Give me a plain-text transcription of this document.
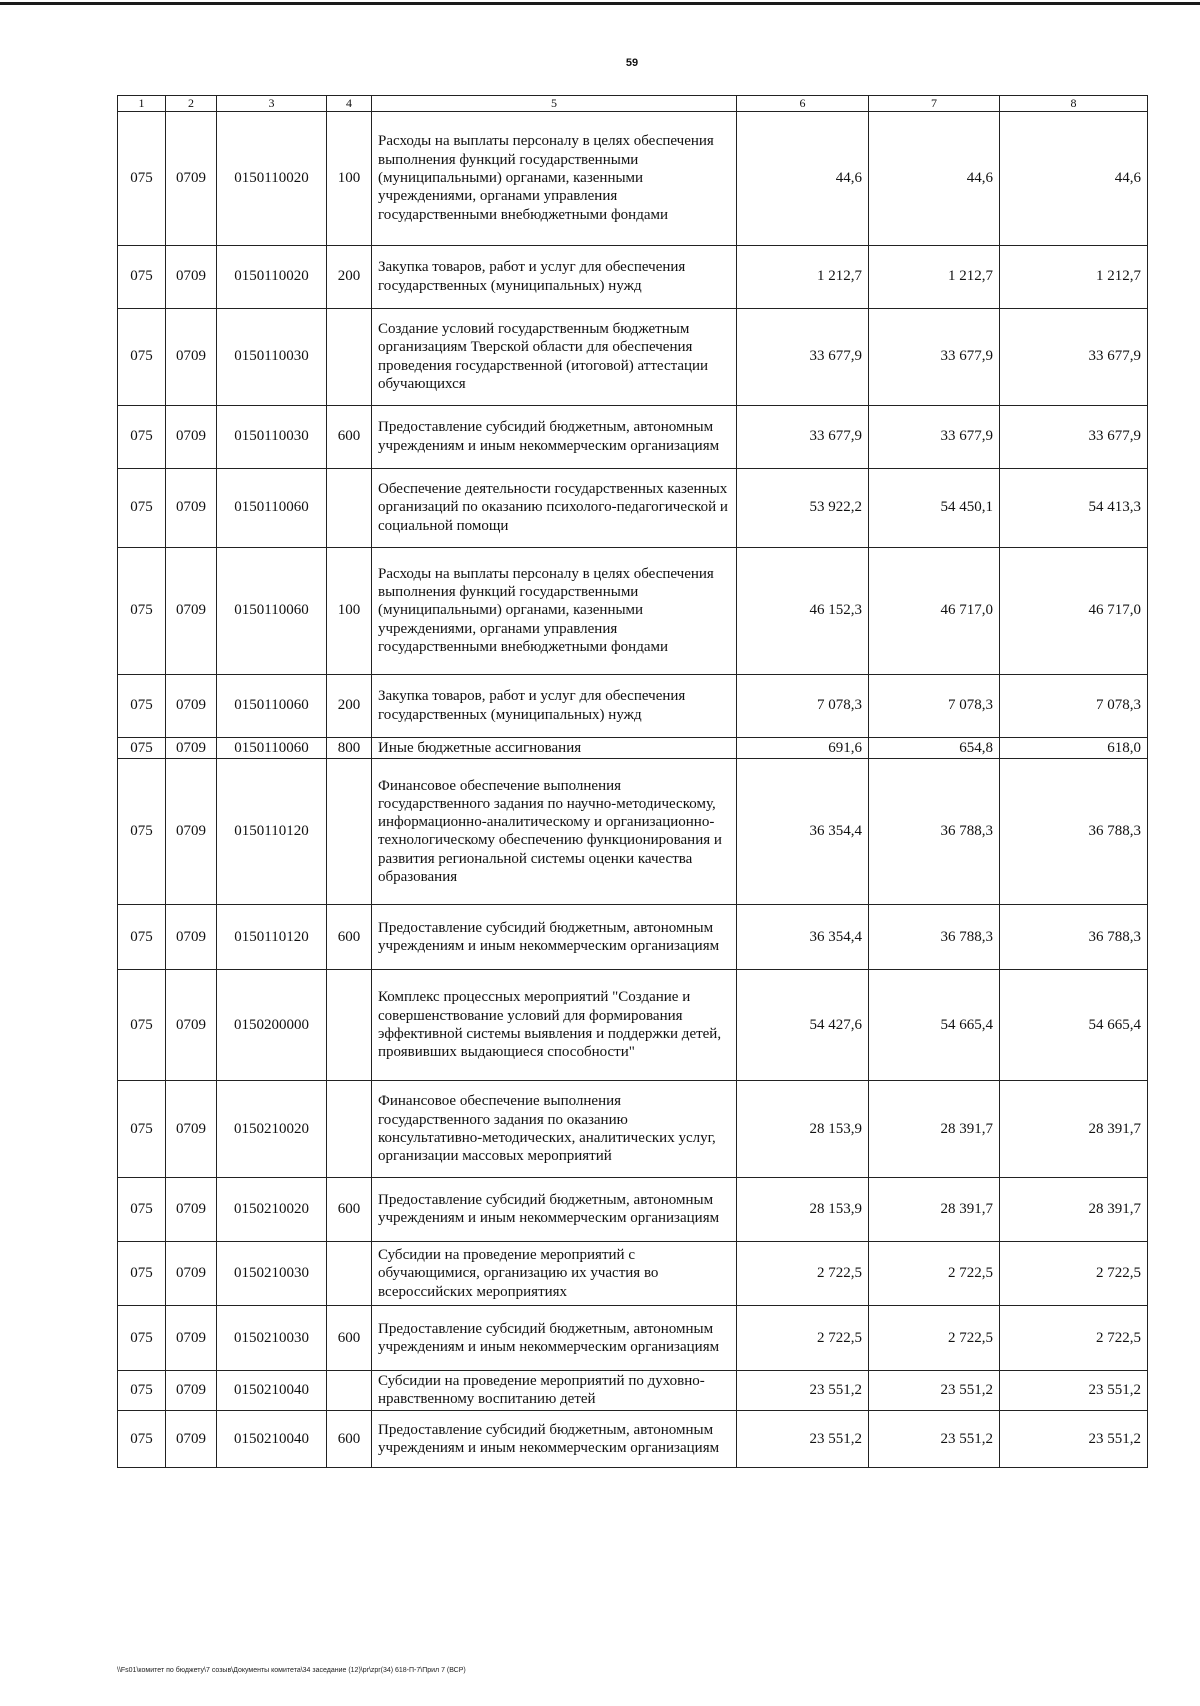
59
1	2	3	4	5	6	7	8
075	0709	0150110020	100	Расходы на выплаты персоналу в целях обеспечения выполнения функций государственными (муниципальными) органами, казенными учреждениями, органами управления государственными внебюджетными фондами	44,6	44,6	44,6
075	0709	0150110020	200	Закупка товаров, работ и услуг для обеспечения государственных (муниципальных) нужд	1 212,7	1 212,7	1 212,7
075	0709	0150110030		Создание условий государственным бюджетным организациям Тверской области для обеспечения проведения государственной (итоговой) аттестации обучающихся	33 677,9	33 677,9	33 677,9
075	0709	0150110030	600	Предоставление субсидий бюджетным, автономным учреждениям и иным некоммерческим организациям	33 677,9	33 677,9	33 677,9
075	0709	0150110060		Обеспечение деятельности государственных казенных организаций по оказанию психолого-педагогической и социальной помощи	53 922,2	54 450,1	54 413,3
075	0709	0150110060	100	Расходы на выплаты персоналу в целях обеспечения выполнения функций государственными (муниципальными) органами, казенными учреждениями, органами управления государственными внебюджетными фондами	46 152,3	46 717,0	46 717,0
075	0709	0150110060	200	Закупка товаров, работ и услуг для обеспечения государственных (муниципальных) нужд	7 078,3	7 078,3	7 078,3
075	0709	0150110060	800	Иные бюджетные ассигнования	691,6	654,8	618,0
075	0709	0150110120		Финансовое обеспечение выполнения государственного задания по научно-методическому, информационно-аналитическому и организационно-технологическому обеспечению функционирования и развития региональной системы оценки качества образования	36 354,4	36 788,3	36 788,3
075	0709	0150110120	600	Предоставление субсидий бюджетным, автономным учреждениям и иным некоммерческим организациям	36 354,4	36 788,3	36 788,3
075	0709	0150200000		Комплекс процессных мероприятий "Создание и совершенствование условий для формирования эффективной системы выявления и поддержки детей, проявивших выдающиеся способности"	54 427,6	54 665,4	54 665,4
075	0709	0150210020		Финансовое обеспечение выполнения государственного задания по оказанию консультативно-методических, аналитических услуг, организации массовых мероприятий	28 153,9	28 391,7	28 391,7
075	0709	0150210020	600	Предоставление субсидий бюджетным, автономным учреждениям и иным некоммерческим организациям	28 153,9	28 391,7	28 391,7
075	0709	0150210030		Субсидии на проведение мероприятий с обучающимися, организацию их участия во всероссийских мероприятиях	2 722,5	2 722,5	2 722,5
075	0709	0150210030	600	Предоставление субсидий бюджетным, автономным учреждениям и иным некоммерческим организациям	2 722,5	2 722,5	2 722,5
075	0709	0150210040		Субсидии на проведение мероприятий по духовно-нравственному воспитанию детей	23 551,2	23 551,2	23 551,2
075	0709	0150210040	600	Предоставление субсидий бюджетным, автономным учреждениям и иным некоммерческим организациям	23 551,2	23 551,2	23 551,2
\\Fs01\комитет по бюджету\7 созыв\Документы комитета\34 заседание (12)\pr\zpr(34) 618-П-7\Прил 7 (ВСР)
